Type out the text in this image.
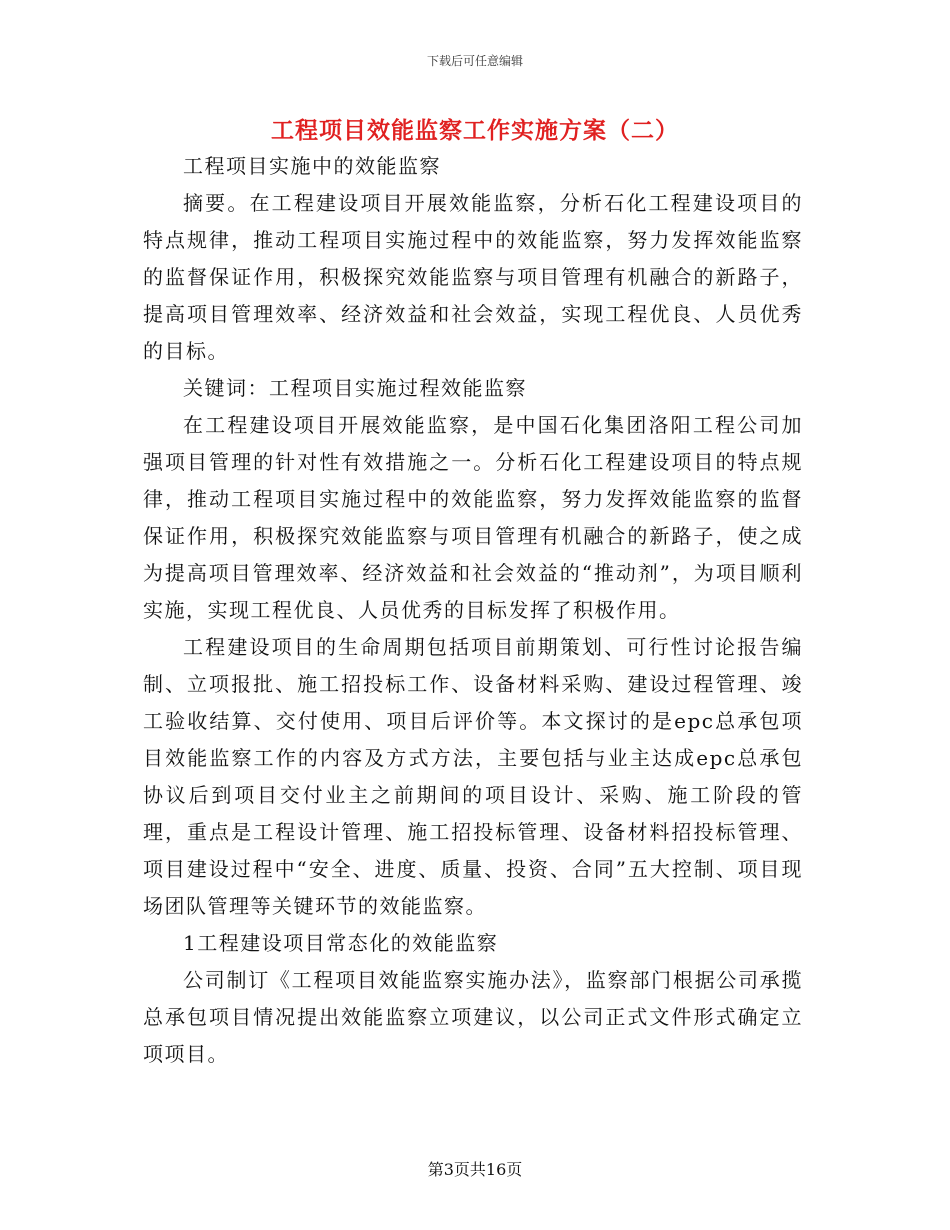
下载后可任意编辑
工程项目效能监察工作实施方案（二）

工程项目实施中的效能监察

摘要。在工程建设项目开展效能监察，分析石化工程建设项目的特点规律，推动工程项目实施过程中的效能监察，努力发挥效能监察的监督保证作用，积极探究效能监察与项目管理有机融合的新路子，提高项目管理效率、经济效益和社会效益，实现工程优良、人员优秀的目标。

关键词：工程项目实施过程效能监察

在工程建设项目开展效能监察，是中国石化集团洛阳工程公司加强项目管理的针对性有效措施之一。分析石化工程建设项目的特点规律，推动工程项目实施过程中的效能监察，努力发挥效能监察的监督保证作用，积极探究效能监察与项目管理有机融合的新路子，使之成为提高项目管理效率、经济效益和社会效益的“推动剂”，为项目顺利实施，实现工程优良、人员优秀的目标发挥了积极作用。

工程建设项目的生命周期包括项目前期策划、可行性讨论报告编制、立项报批、施工招投标工作、设备材料采购、建设过程管理、竣工验收结算、交付使用、项目后评价等。本文探讨的是epc总承包项目效能监察工作的内容及方式方法，主要包括与业主达成epc总承包协议后到项目交付业主之前期间的项目设计、采购、施工阶段的管理，重点是工程设计管理、施工招投标管理、设备材料招投标管理、项目建设过程中“安全、进度、质量、投资、合同”五大控制、项目现场团队管理等关键环节的效能监察。

1工程建设项目常态化的效能监察

公司制订《工程项目效能监察实施办法》，监察部门根据公司承揽总承包项目情况提出效能监察立项建议，以公司正式文件形式确定立项项目。

第3页共16页
